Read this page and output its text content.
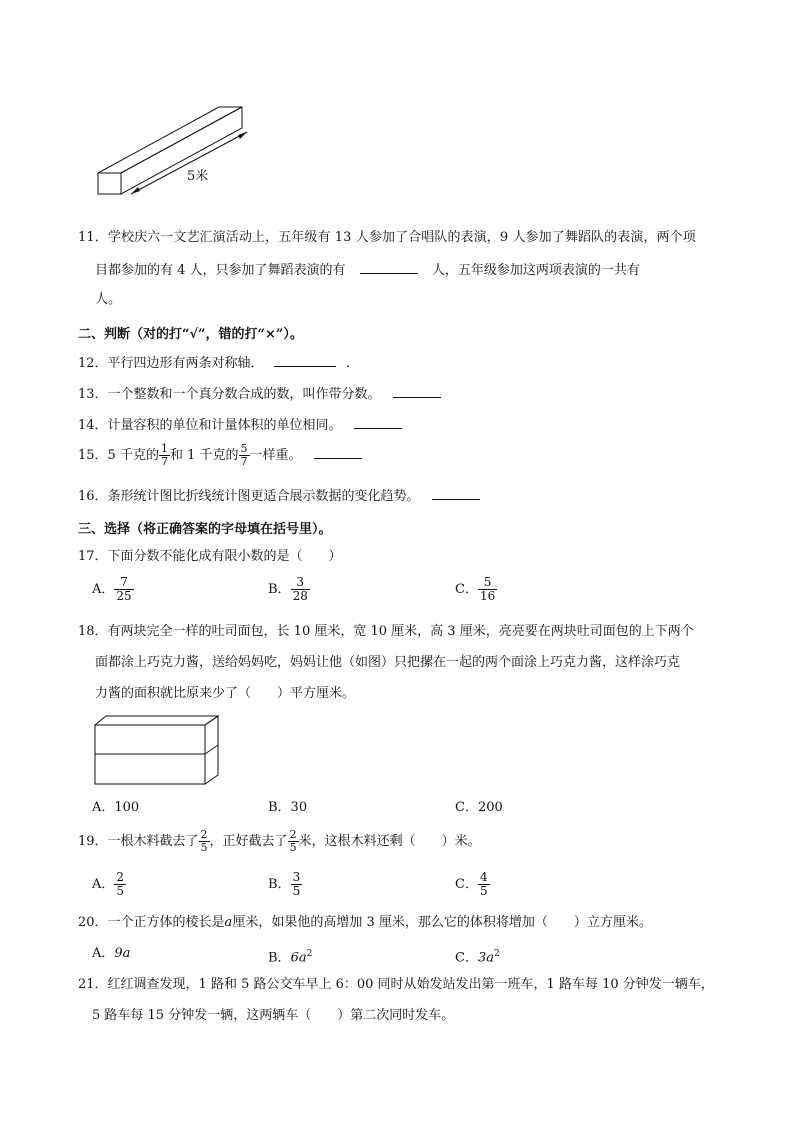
5米
11．学校庆六一文艺汇演活动上，五年级有 13 人参加了合唱队的表演，9 人参加了舞蹈队的表演，两个项
目都参加的有 4 人，只参加了舞蹈表演的有	人，五年级参加这两项表演的一共有
人。
二、判断（对的打“√”，错的打“×”）。
12．平行四边形有两条对称轴．	．
13．一个整数和一个真分数合成的数，叫作带分数。
14．计量容积的单位和计量体积的单位相同。
15．5 千克的 $\frac{1}{7}$ 和 1 千克的 $\frac{5}{7}$ 一样重。
16．条形统计图比折线统计图更适合展示数据的变化趋势。
三、选择（将正确答案的字母填在括号里）。
17．下面分数不能化成有限小数的是（　　）
A． $\frac{7}{25}$	B． $\frac{3}{28}$	C． $\frac{5}{16}$
18．有两块完全一样的吐司面包，长 10 厘米，宽 10 厘米，高 3 厘米，亮亮要在两块吐司面包的上下两个
面都涂上巧克力酱，送给妈妈吃，妈妈让他（如图）只把摞在一起的两个面涂上巧克力酱，这样涂巧克
力酱的面积就比原来少了（　　）平方厘米。
A．100	B．30	C．200
19．一根木料截去了 $\frac{2}{5}$ ，正好截去了 $\frac{2}{5}$ 米，这根木料还剩（　　）米。
A． $\frac{2}{5}$	B． $\frac{3}{5}$	C． $\frac{4}{5}$
20．一个正方体的棱长是a厘米，如果他的高增加 3 厘米，那么它的体积将增加（　　）立方厘米。
A．9a	B．$6a^2$	C．$3a^2$
21．红红调查发现，1 路和 5 路公交车早上 6：00 同时从始发站发出第一班车，1 路车每 10 分钟发一辆车，
5 路车每 15 分钟发一辆，这两辆车（　　）第二次同时发车。
